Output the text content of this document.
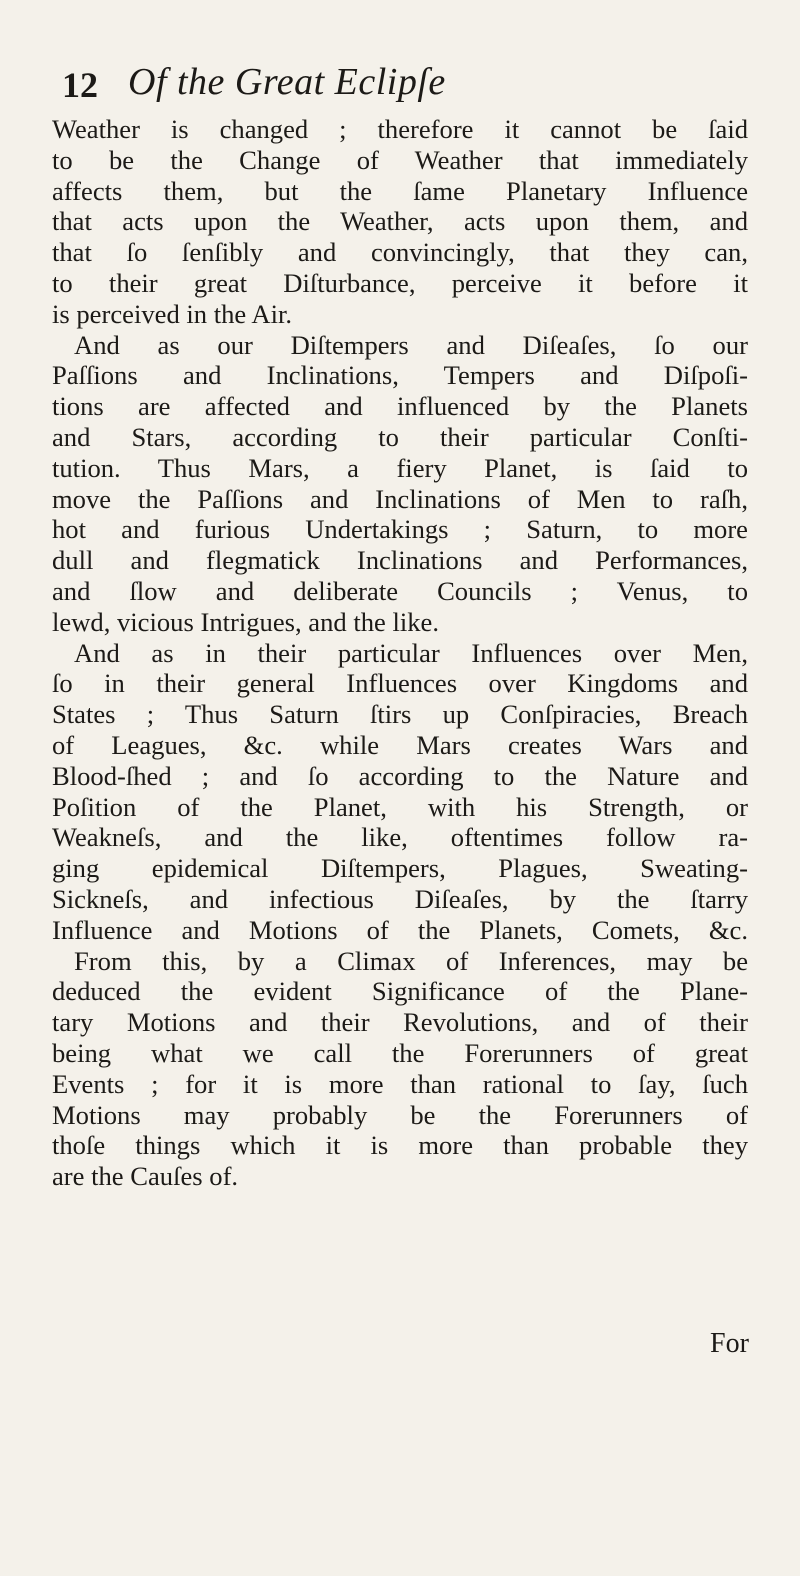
12 Of the Great Eclipſe
Weather is changed ; therefore it cannot be ſaid
to be the Change of Weather that immediately
affects them, but the ſame Planetary Influence
that acts upon the Weather, acts upon them, and
that ſo ſenſibly and convincingly, that they can,
to their great Diſturbance, perceive it before it
is perceived in the Air.
And as our Diſtempers and Diſeaſes, ſo our
Paſſions and Inclinations, Tempers and Diſpoſi-
tions are affected and influenced by the Planets
and Stars, according to their particular Conſti-
tution. Thus Mars, a fiery Planet, is ſaid to
move the Paſſions and Inclinations of Men to raſh,
hot and furious Undertakings ; Saturn, to more
dull and flegmatick Inclinations and Performances,
and ſlow and deliberate Councils ; Venus, to
lewd, vicious Intrigues, and the like.
And as in their particular Influences over Men,
ſo in their general Influences over Kingdoms and
States ; Thus Saturn ſtirs up Conſpiracies, Breach
of Leagues, &c. while Mars creates Wars and
Blood-ſhed ; and ſo according to the Nature and
Poſition of the Planet, with his Strength, or
Weakneſs, and the like, oftentimes follow ra-
ging epidemical Diſtempers, Plagues, Sweating-
Sickneſs, and infectious Diſeaſes, by the ſtarry
Influence and Motions of the Planets, Comets, &c.
From this, by a Climax of Inferences, may be
deduced the evident Significance of the Plane-
tary Motions and their Revolutions, and of their
being what we call the Forerunners of great
Events ; for it is more than rational to ſay, ſuch
Motions may probably be the Forerunners of
thoſe things which it is more than probable they
are the Cauſes of.
For
